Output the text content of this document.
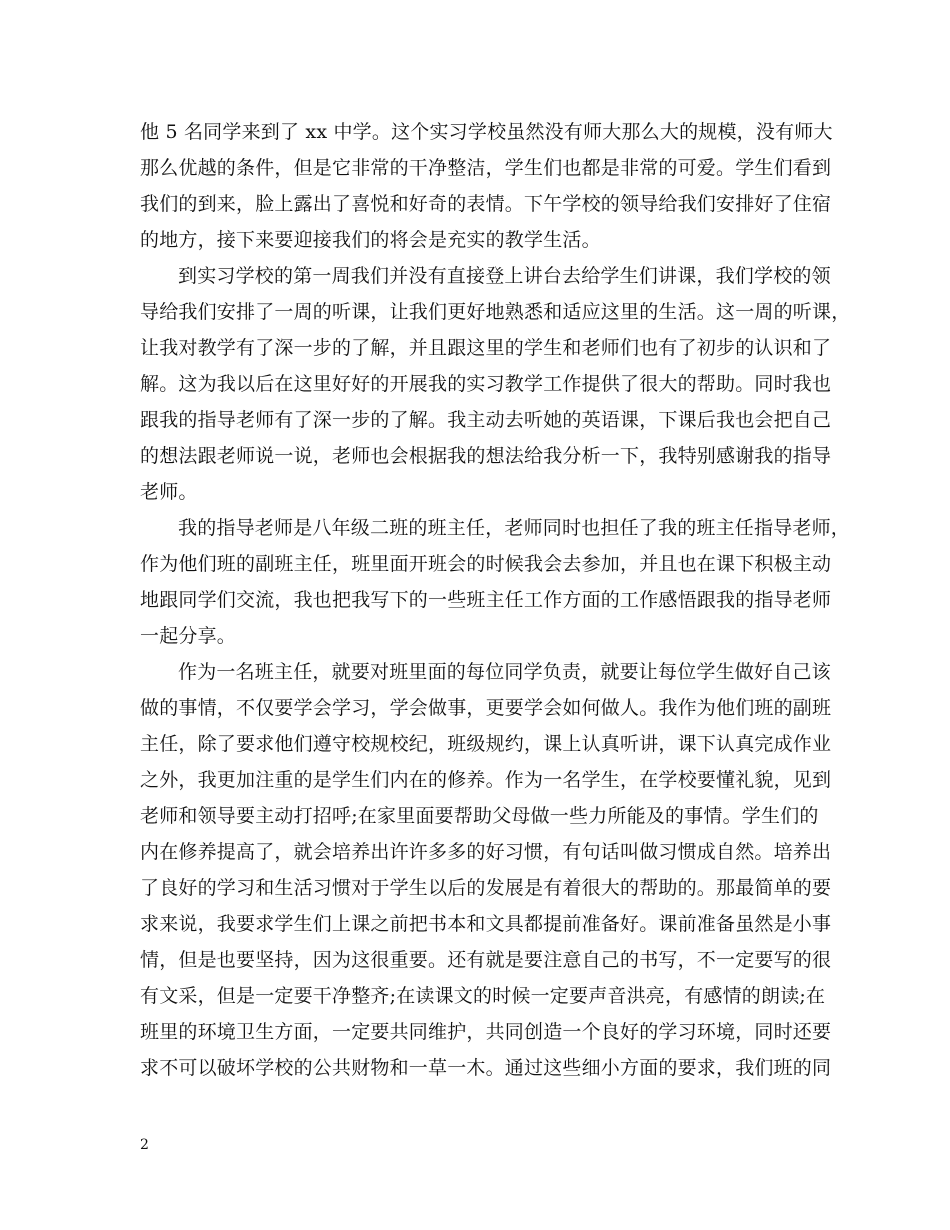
他 5 名同学来到了 xx 中学。这个实习学校虽然没有师大那么大的规模，没有师大
那么优越的条件，但是它非常的干净整洁，学生们也都是非常的可爱。学生们看到
我们的到来，脸上露出了喜悦和好奇的表情。下午学校的领导给我们安排好了住宿
的地方，接下来要迎接我们的将会是充实的教学生活。
到实习学校的第一周我们并没有直接登上讲台去给学生们讲课，我们学校的领
导给我们安排了一周的听课，让我们更好地熟悉和适应这里的生活。这一周的听课，
让我对教学有了深一步的了解，并且跟这里的学生和老师们也有了初步的认识和了
解。这为我以后在这里好好的开展我的实习教学工作提供了很大的帮助。同时我也
跟我的指导老师有了深一步的了解。我主动去听她的英语课，下课后我也会把自己
的想法跟老师说一说，老师也会根据我的想法给我分析一下，我特别感谢我的指导
老师。
我的指导老师是八年级二班的班主任，老师同时也担任了我的班主任指导老师，
作为他们班的副班主任，班里面开班会的时候我会去参加，并且也在课下积极主动
地跟同学们交流，我也把我写下的一些班主任工作方面的工作感悟跟我的指导老师
一起分享。
作为一名班主任，就要对班里面的每位同学负责，就要让每位学生做好自己该
做的事情，不仅要学会学习，学会做事，更要学会如何做人。我作为他们班的副班
主任，除了要求他们遵守校规校纪，班级规约，课上认真听讲，课下认真完成作业
之外，我更加注重的是学生们内在的修养。作为一名学生，在学校要懂礼貌，见到
老师和领导要主动打招呼;在家里面要帮助父母做一些力所能及的事情。学生们的
内在修养提高了，就会培养出许许多多的好习惯，有句话叫做习惯成自然。培养出
了良好的学习和生活习惯对于学生以后的发展是有着很大的帮助的。那最简单的要
求来说，我要求学生们上课之前把书本和文具都提前准备好。课前准备虽然是小事
情，但是也要坚持，因为这很重要。还有就是要注意自己的书写，不一定要写的很
有文采，但是一定要干净整齐;在读课文的时候一定要声音洪亮，有感情的朗读;在
班里的环境卫生方面，一定要共同维护，共同创造一个良好的学习环境，同时还要
求不可以破坏学校的公共财物和一草一木。通过这些细小方面的要求，我们班的同
2
